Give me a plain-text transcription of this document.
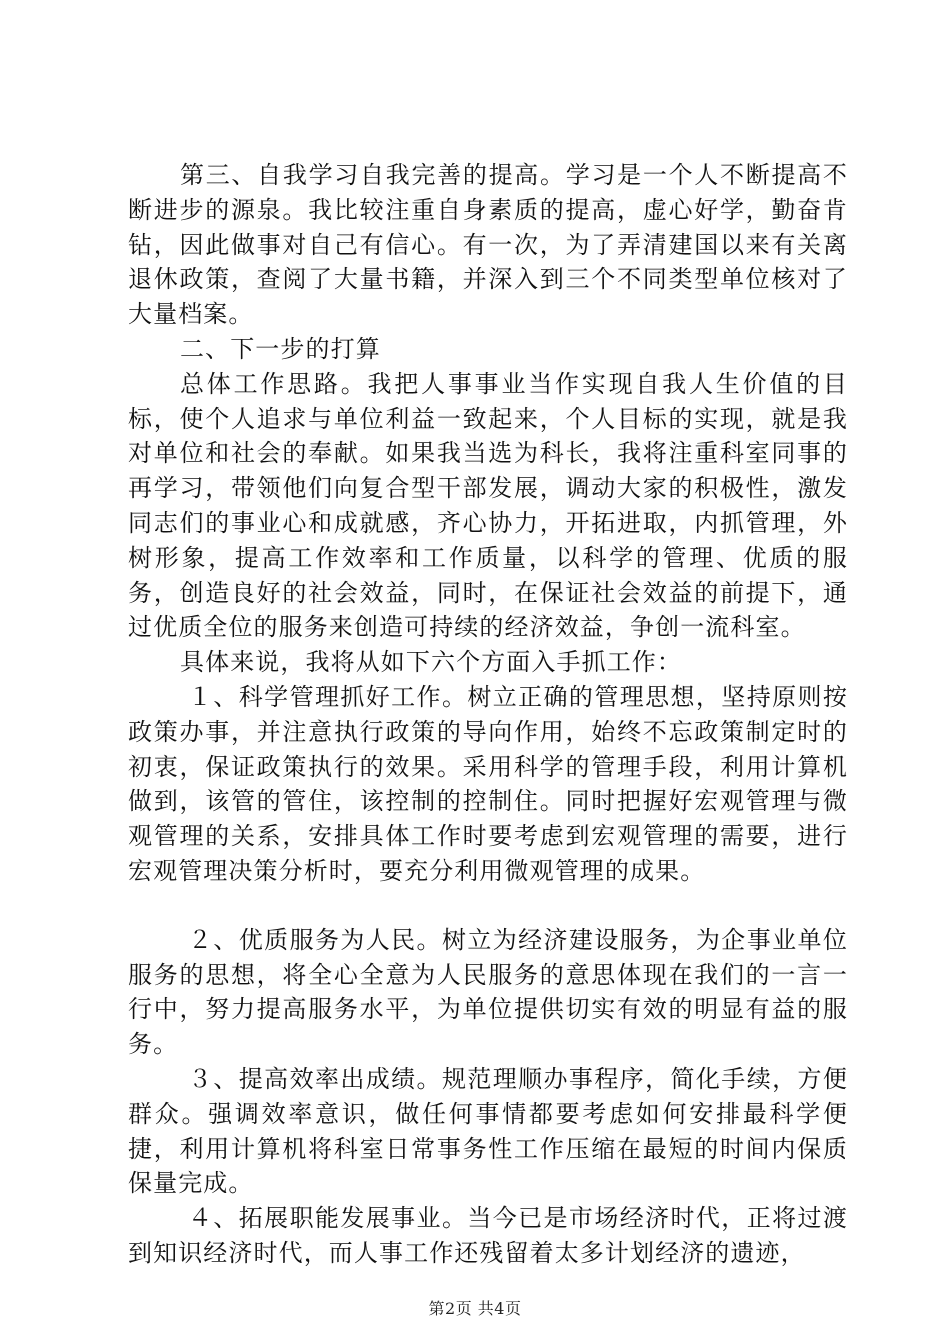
第三、自我学习自我完善的提高。学习是一个人不断提高不断进步的源泉。我比较注重自身素质的提高，虚心好学，勤奋肯钻，因此做事对自己有信心。有一次，为了弄清建国以来有关离退休政策，查阅了大量书籍，并深入到三个不同类型单位核对了大量档案。

二、下一步的打算

总体工作思路。我把人事事业当作实现自我人生价值的目标，使个人追求与单位利益一致起来，个人目标的实现，就是我对单位和社会的奉献。如果我当选为科长，我将注重科室同事的再学习，带领他们向复合型干部发展，调动大家的积极性，激发同志们的事业心和成就感，齐心协力，开拓进取，内抓管理，外树形象，提高工作效率和工作质量，以科学的管理、优质的服务，创造良好的社会效益，同时，在保证社会效益的前提下，通过优质全位的服务来创造可持续的经济效益，争创一流科室。

具体来说，我将从如下六个方面入手抓工作：

１、科学管理抓好工作。树立正确的管理思想，坚持原则按政策办事，并注意执行政策的导向作用，始终不忘政策制定时的初衷，保证政策执行的效果。采用科学的管理手段，利用计算机做到，该管的管住，该控制的控制住。同时把握好宏观管理与微观管理的关系，安排具体工作时要考虑到宏观管理的需要，进行宏观管理决策分析时，要充分利用微观管理的成果。

２、优质服务为人民。树立为经济建设服务，为企事业单位服务的思想，将全心全意为人民服务的意思体现在我们的一言一行中，努力提高服务水平，为单位提供切实有效的明显有益的服务。

３、提高效率出成绩。规范理顺办事程序，简化手续，方便群众。强调效率意识，做任何事情都要考虑如何安排最科学便捷，利用计算机将科室日常事务性工作压缩在最短的时间内保质保量完成。

４、拓展职能发展事业。当今已是市场经济时代，正将过渡到知识经济时代，而人事工作还残留着太多计划经济的遗迹，

第2页 共4页
